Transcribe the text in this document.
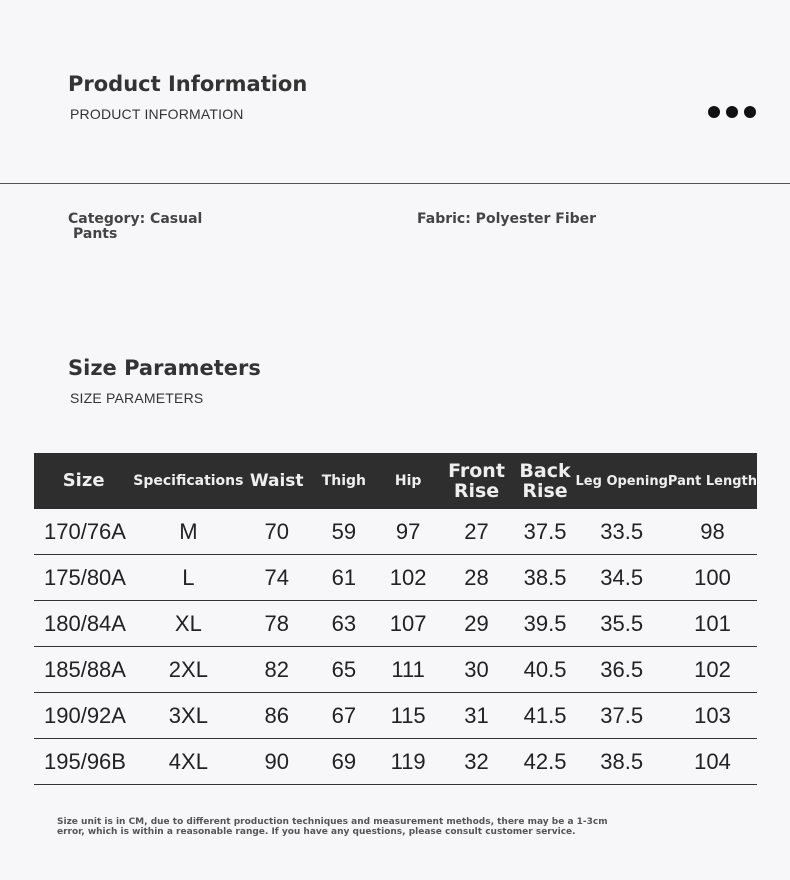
Product Information
PRODUCT INFORMATION
Category: Casual
Pants
Fabric: Polyester Fiber
Size Parameters
SIZE PARAMETERS
Size	Specifications	Waist	Thigh	Hip	Front Rise	Back Rise	Leg Opening	Pant Length
170/76A	M	70	59	97	27	37.5	33.5	98
175/80A	L	74	61	102	28	38.5	34.5	100
180/84A	XL	78	63	107	29	39.5	35.5	101
185/88A	2XL	82	65	111	30	40.5	36.5	102
190/92A	3XL	86	67	115	31	41.5	37.5	103
195/96B	4XL	90	69	119	32	42.5	38.5	104
Size unit is in CM, due to different production techniques and measurement methods, there may be a 1-3cm
error, which is within a reasonable range. If you have any questions, please consult customer service.
